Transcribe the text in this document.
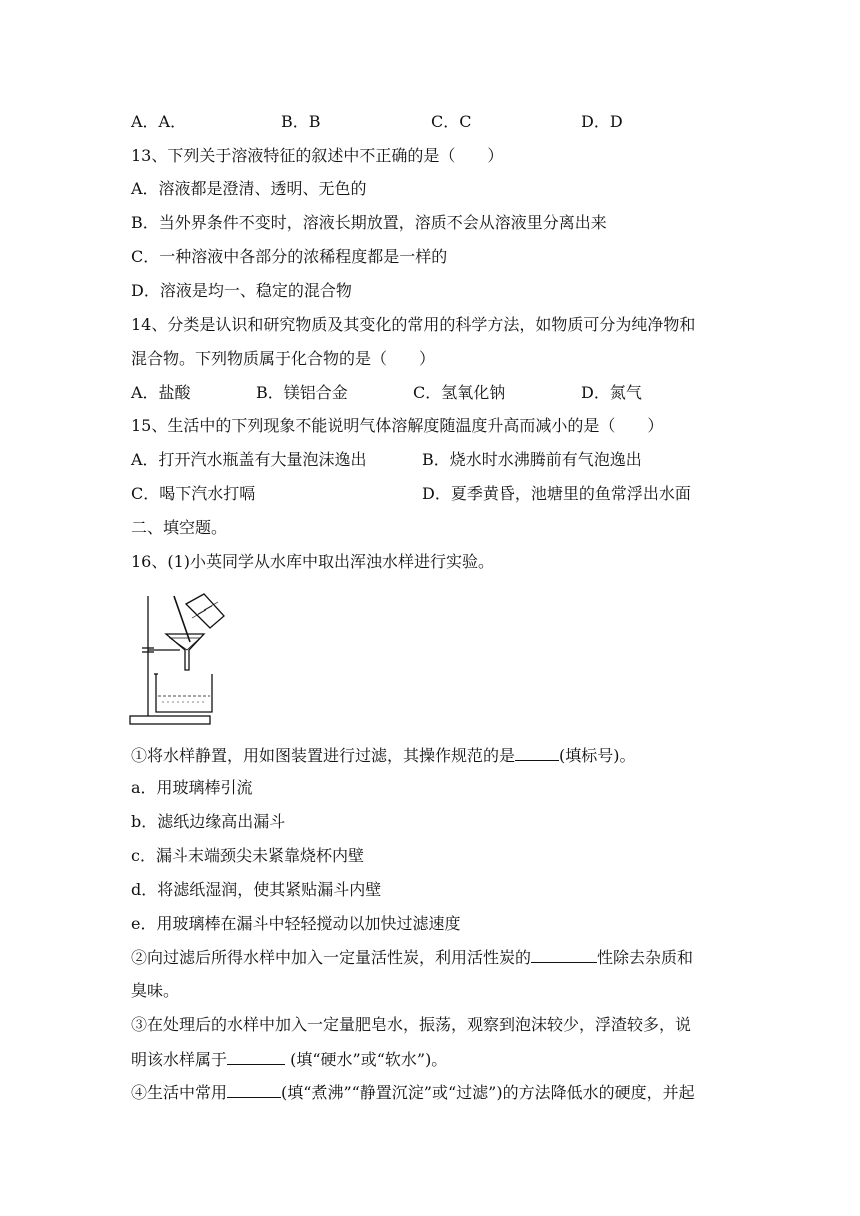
A．A．	B．B	C．C	D．D
13、下列关于溶液特征的叙述中不正确的是（　　）
A．溶液都是澄清、透明、无色的
B．当外界条件不变时，溶液长期放置，溶质不会从溶液里分离出来
C．一种溶液中各部分的浓稀程度都是一样的
D．溶液是均一、稳定的混合物
14、分类是认识和研究物质及其变化的常用的科学方法，如物质可分为纯净物和
混合物。下列物质属于化合物的是（　　）
A．盐酸	B．镁铝合金	C．氢氧化钠	D．氮气
15、生活中的下列现象不能说明气体溶解度随温度升高而减小的是（　　）
A．打开汽水瓶盖有大量泡沫逸出	B．烧水时水沸腾前有气泡逸出
C．喝下汽水打嗝	D．夏季黄昏，池塘里的鱼常浮出水面
二、填空题。
16、(1)小英同学从水库中取出浑浊水样进行实验。
①将水样静置，用如图装置进行过滤，其操作规范的是	(填标号)。
a．用玻璃棒引流
b．滤纸边缘高出漏斗
c．漏斗末端颈尖未紧靠烧杯内壁
d．将滤纸湿润，使其紧贴漏斗内壁
e．用玻璃棒在漏斗中轻轻搅动以加快过滤速度
②向过滤后所得水样中加入一定量活性炭，利用活性炭的	性除去杂质和
臭味。
③在处理后的水样中加入一定量肥皂水，振荡，观察到泡沫较少，浮渣较多，说
明该水样属于	(填“硬水”或“软水”)。
④生活中常用	(填“煮沸”“静置沉淀”或“过滤”)的方法降低水的硬度，并起
